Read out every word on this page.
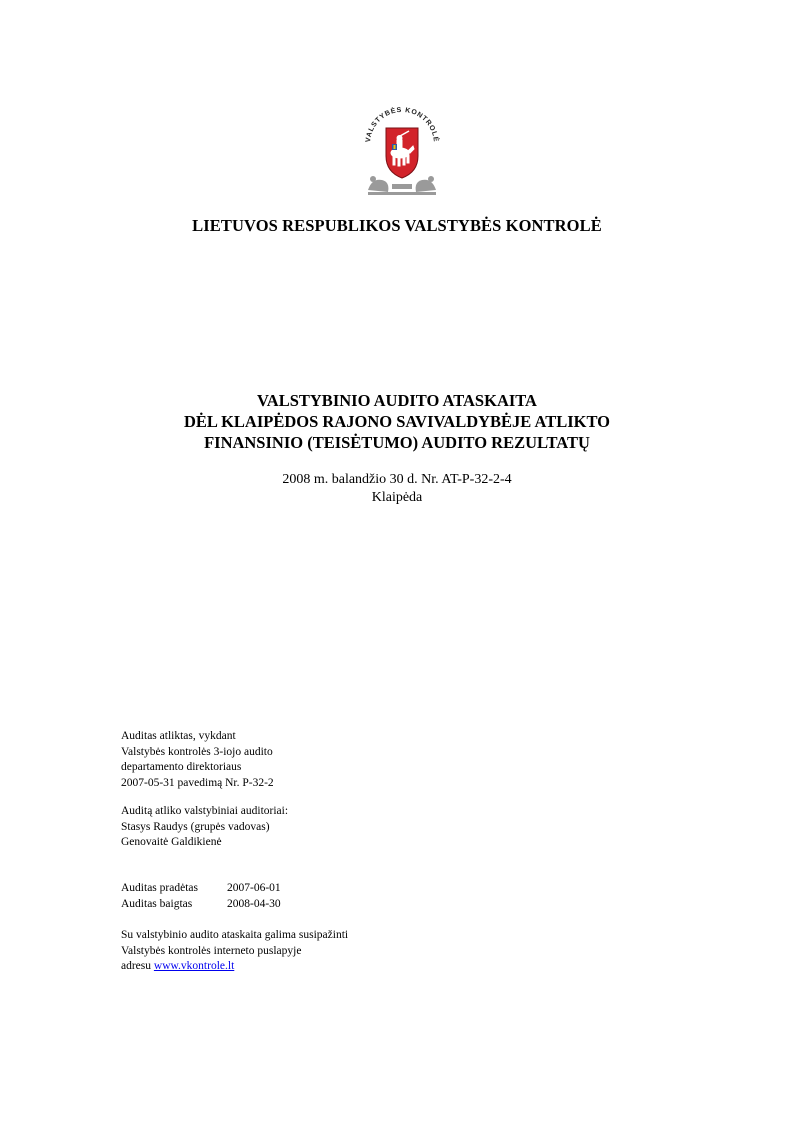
VALSTYBĖS KONTROLĖ
LIETUVOS RESPUBLIKOS VALSTYBĖS KONTROLĖ
VALSTYBINIO AUDITO ATASKAITA
DĖL KLAIPĖDOS RAJONO SAVIVALDYBĖJE ATLIKTO
FINANSINIO (TEISĖTUMO) AUDITO REZULTATŲ
2008 m. balandžio 30 d. Nr. AT-P-32-2-4
Klaipėda
Auditas atliktas, vykdant
Valstybės kontrolės 3-iojo audito
departamento direktoriaus
2007-05-31 pavedimą Nr. P-32-2
Auditą atliko valstybiniai auditoriai:
Stasys Raudys (grupės vadovas)
Genovaitė Galdikienė
Auditas pradėtas	2007-06-01
Auditas baigtas	2008-04-30
Su valstybinio audito ataskaita galima susipažinti
Valstybės kontrolės interneto puslapyje
adresu www.vkontrole.lt
